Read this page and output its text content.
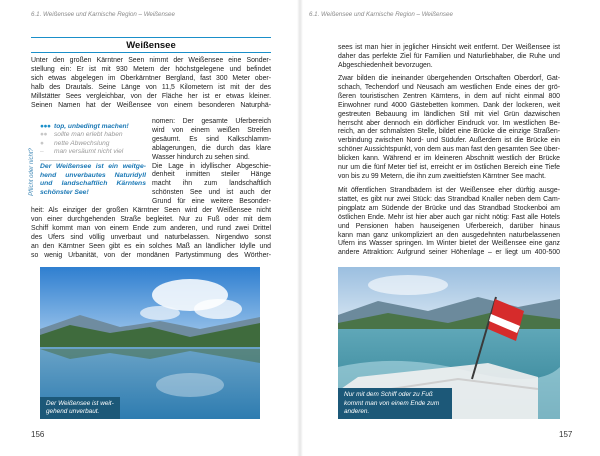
6.1. Weißensee und Karnische Region – Weißensee
Weißensee
Unter den großen Kärntner Seen nimmt der Weißensee eine Sonder-
stellung ein: Er ist mit 930 Metern der höchstgelegene und befindet
sich etwas abgelegen im Oberkärntner Bergland, fast 300 Meter ober-
halb des Drautals. Seine Länge von 11,5 Kilometern ist mit der des
Millstätter Sees vergleichbar, von der Fläche her ist er etwas kleiner.
Seinen Namen hat der Weißensee von einem besonderen Naturphä-
Pflicht oder nicht?
●●● top, unbedingt machen!
●● sollte man erlebt haben
● nette Abwechslung
– man versäumt nicht viel
Der Weißensee ist ein weitge-
hend unverbautes Naturidyll
und landschaftlich Kärntens
schönster See!
nomen: Der gesamte Uferbereich
wird von einem weißen Streifen
gesäumt. Es sind Kalkschlamm-
ablagerungen, die durch das klare
Wasser hindurch zu sehen sind.
Die Lage in idyllischer Abgeschie-
denheit inmitten steiler Hänge
macht ihn zum landschaftlich
schönsten See und ist auch der
Grund für eine weitere Besonder-
heit: Als einziger der großen Kärntner Seen wird der Weißensee nicht
von einer durchgehenden Straße begleitet. Nur zu Fuß oder mit dem
Schiff kommt man von einem Ende zum anderen, und rund zwei Drittel
des Ufers sind völlig unverbaut und naturbelassen. Nirgendwo sonst
an den Kärntner Seen gibt es ein solches Maß an ländlicher Idylle und
so wenig Urbanität, von der mondänen Partystimmung des Wörther-
Der Weißensee ist weit-gehend unverbaut.
156
6.1. Weißensee und Karnische Region – Weißensee
sees ist man hier in jeglicher Hinsicht weit entfernt. Der Weißensee ist
daher das perfekte Ziel für Familien und Naturliebhaber, die Ruhe und
Abgeschiedenheit bevorzugen.
Zwar bilden die ineinander übergehenden Ortschaften Oberdorf, Gat-
schach, Techendorf und Neusach am westlichen Ende eines der grö-
ßeren touristischen Zentren Kärntens, in dem auf nicht einmal 800
Einwohner rund 4000 Gästebetten kommen. Dank der lockeren, weit
gestreuten Bebauung im ländlichen Stil mit viel Grün dazwischen
herrscht aber dennoch ein dörflicher Eindruck vor. Im westlichen Be-
reich, an der schmalsten Stelle, bildet eine Brücke die einzige Straßen-
verbindung zwischen Nord- und Südufer. Außerdem ist die Brücke ein
schöner Aussichtspunkt, von dem aus man fast den gesamten See über-
blicken kann. Während er im kleineren Abschnitt westlich der Brücke
nur um die fünf Meter tief ist, erreicht er im östlichen Bereich eine Tiefe
von bis zu 99 Metern, die ihn zum zweittiefsten Kärntner See macht.
Mit öffentlichen Strandbädern ist der Weißensee eher dürftig ausge-
stattet, es gibt nur zwei Stück: das Strandbad Knaller neben dem Cam-
pingplatz am Südende der Brücke und das Strandbad Stockenboi am
östlichen Ende. Mehr ist hier aber auch gar nicht nötig: Fast alle Hotels
und Pensionen haben hauseigenen Uferbereich, darüber hinaus
kann man ganz unkompliziert an den ausgedehnten naturbelassenen
Ufern ins Wasser springen. Im Winter bietet der Weißensee eine ganz
andere Attraktion: Aufgrund seiner Höhenlage – er liegt um 400-500
Nur mit dem Schiff oder zu Fuß kommt man von einem Ende zum anderen.
157
